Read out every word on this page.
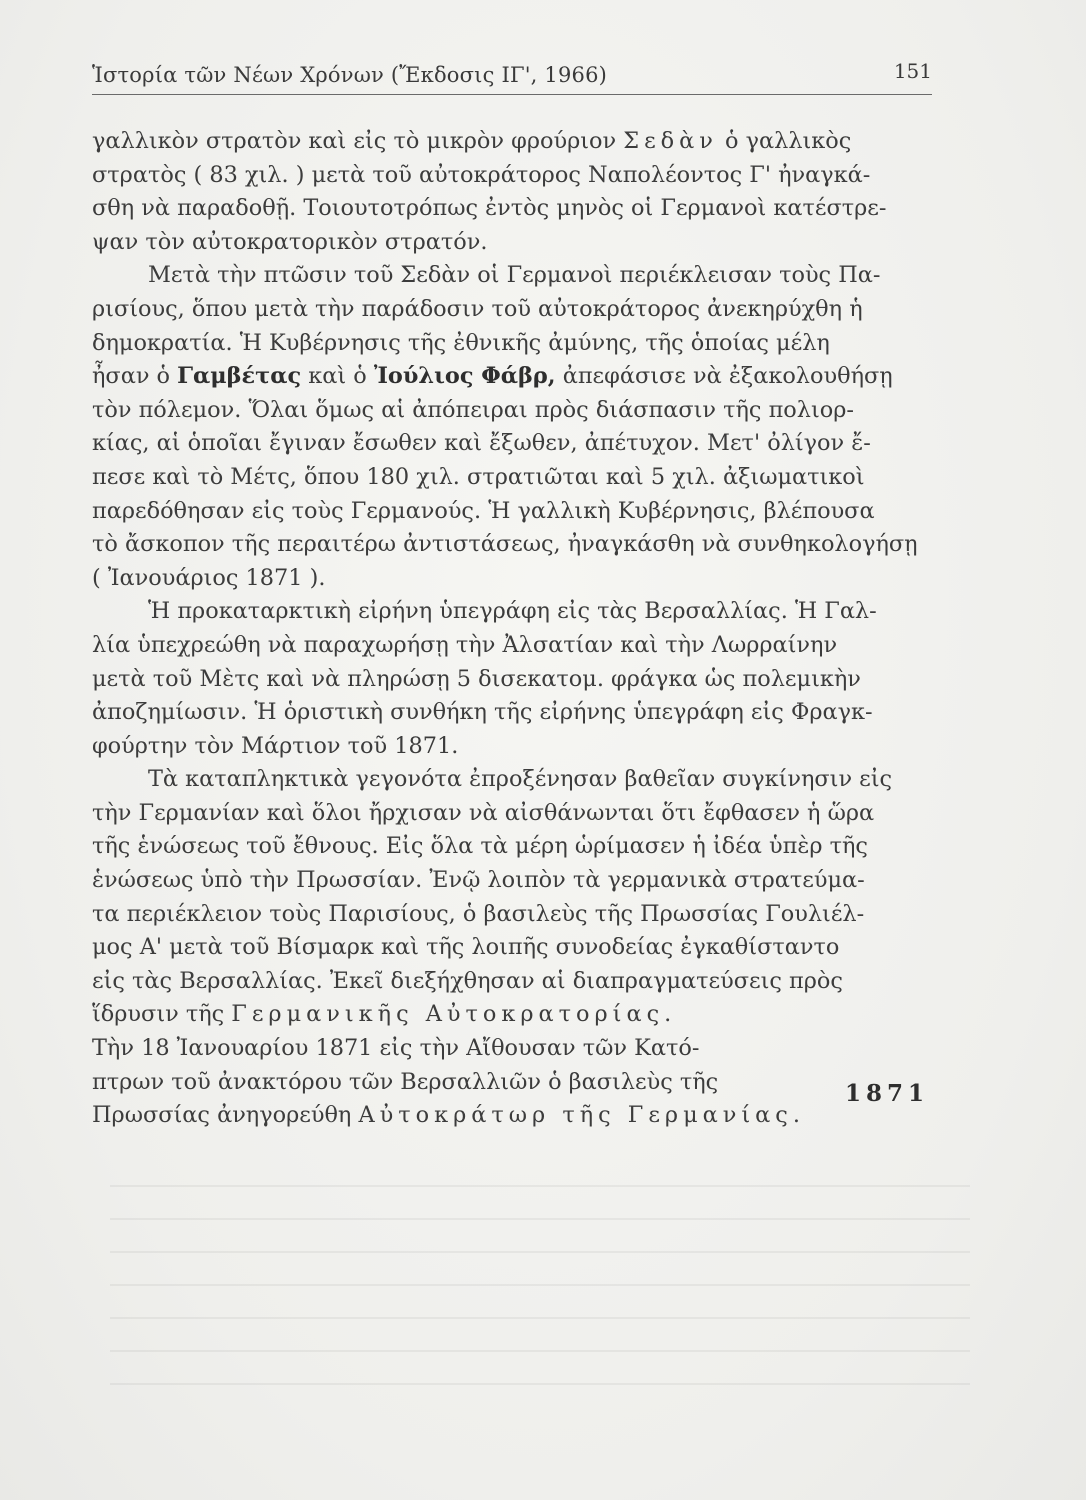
Ἱστορία τῶν Νέων Χρόνων (Ἔκδοσις ΙΓ', 1966)	151
γαλλικὸν στρατὸν καὶ εἰς τὸ μικρὸν φρούριον Σεδὰν ὁ γαλλικὸς
στρατὸς ( 83 χιλ. ) μετὰ τοῦ αὐτοκράτορος Ναπολέοντος Γ' ἠναγκά-
σθη νὰ παραδοθῇ. Τοιουτοτρόπως ἐντὸς μηνὸς οἱ Γερμανοὶ κατέστρε-
ψαν τὸν αὐτοκρατορικὸν στρατόν.
Μετὰ τὴν πτῶσιν τοῦ Σεδὰν οἱ Γερμανοὶ περιέκλεισαν τοὺς Πα-
ρισίους, ὅπου μετὰ τὴν παράδοσιν τοῦ αὐτοκράτορος ἀνεκηρύχθη ἡ
δημοκρατία. Ἡ Κυβέρνησις τῆς ἐθνικῆς ἀμύνης, τῆς ὁποίας μέλη
ἦσαν ὁ Γαμβέτας καὶ ὁ Ἰούλιος Φάβρ, ἀπεφάσισε νὰ ἐξακολουθήσῃ
τὸν πόλεμον. Ὅλαι ὅμως αἱ ἀπόπειραι πρὸς διάσπασιν τῆς πολιορ-
κίας, αἱ ὁποῖαι ἔγιναν ἔσωθεν καὶ ἔξωθεν, ἀπέτυχον. Μετ' ὀλίγον ἔ-
πεσε καὶ τὸ Μέτς, ὅπου 180 χιλ. στρατιῶται καὶ 5 χιλ. ἀξιωματικοὶ
παρεδόθησαν εἰς τοὺς Γερμανούς. Ἡ γαλλικὴ Κυβέρνησις, βλέπουσα
τὸ ἄσκοπον τῆς περαιτέρω ἀντιστάσεως, ἠναγκάσθη νὰ συνθηκολογήσῃ
( Ἰανουάριος 1871 ).
Ἡ προκαταρκτικὴ εἰρήνη ὑπεγράφη εἰς τὰς Βερσαλλίας. Ἡ Γαλ-
λία ὑπεχρεώθη νὰ παραχωρήσῃ τὴν Ἀλσατίαν καὶ τὴν Λωρραίνην
μετὰ τοῦ Μὲτς καὶ νὰ πληρώσῃ 5 δισεκατομ. φράγκα ὡς πολεμικὴν
ἀποζημίωσιν. Ἡ ὁριστικὴ συνθήκη τῆς εἰρήνης ὑπεγράφη εἰς Φραγκ-
φούρτην τὸν Μάρτιον τοῦ 1871.
Τὰ καταπληκτικὰ γεγονότα ἐπροξένησαν βαθεῖαν συγκίνησιν εἰς
τὴν Γερμανίαν καὶ ὅλοι ἤρχισαν νὰ αἰσθάνωνται ὅτι ἔφθασεν ἡ ὥρα
τῆς ἑνώσεως τοῦ ἔθνους. Εἰς ὅλα τὰ μέρη ὡρίμασεν ἡ ἰδέα ὑπὲρ τῆς
ἑνώσεως ὑπὸ τὴν Πρωσσίαν. Ἐνῷ λοιπὸν τὰ γερμανικὰ στρατεύμα-
τα περιέκλειον τοὺς Παρισίους, ὁ βασιλεὺς τῆς Πρωσσίας Γουλιέλ-
μος Α' μετὰ τοῦ Βίσμαρκ καὶ τῆς λοιπῆς συνοδείας ἐγκαθίσταντο
εἰς τὰς Βερσαλλίας. Ἐκεῖ διεξήχθησαν αἱ διαπραγματεύσεις πρὸς
ἵδρυσιν τῆς Γερμανικῆς Αὐτοκρατορίας.
Τὴν 18 Ἰανουαρίου 1871 εἰς τὴν Αἴθουσαν τῶν Κατό-
πτρων τοῦ ἀνακτόρου τῶν Βερσαλλιῶν ὁ βασιλεὺς τῆς
Πρωσσίας ἀνηγορεύθη Αὐτοκράτωρ τῆς Γερμανίας.
1871
